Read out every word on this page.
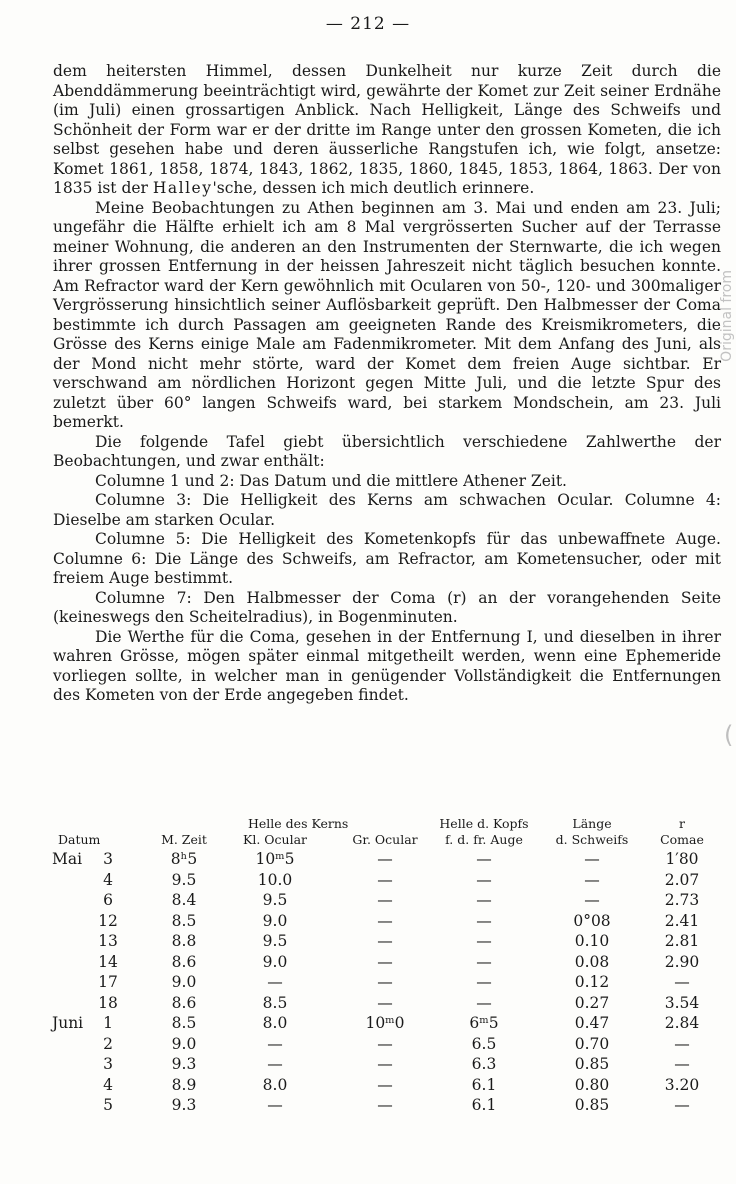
— 212 —

dem heitersten Himmel, dessen Dunkelheit nur kurze Zeit durch die Abenddämmerung beeinträchtigt wird, gewährte der Komet zur Zeit seiner Erdnähe (im Juli) einen grossartigen Anblick. Nach Helligkeit, Länge des Schweifs und Schönheit der Form war er der dritte im Range unter den grossen Kometen, die ich selbst gesehen habe und deren äusserliche Rangstufen ich, wie folgt, ansetze: Komet 1861, 1858, 1874, 1843, 1862, 1835, 1860, 1845, 1853, 1864, 1863. Der von 1835 ist der Halley'sche, dessen ich mich deutlich erinnere.

Meine Beobachtungen zu Athen beginnen am 3. Mai und enden am 23. Juli; ungefähr die Hälfte erhielt ich am 8 Mal vergrösserten Sucher auf der Terrasse meiner Wohnung, die anderen an den Instrumenten der Sternwarte, die ich wegen ihrer grossen Entfernung in der heissen Jahreszeit nicht täglich besuchen konnte. Am Refractor ward der Kern gewöhnlich mit Ocularen von 50-, 120- und 300maliger Vergrösserung hinsichtlich seiner Auflösbarkeit geprüft. Den Halbmesser der Coma bestimmte ich durch Passagen am geeigneten Rande des Kreismikrometers, die Grösse des Kerns einige Male am Fadenmikrometer. Mit dem Anfang des Juni, als der Mond nicht mehr störte, ward der Komet dem freien Auge sichtbar. Er verschwand am nördlichen Horizont gegen Mitte Juli, und die letzte Spur des zuletzt über 60° langen Schweifs ward, bei starkem Mondschein, am 23. Juli bemerkt.

Die folgende Tafel giebt übersichtlich verschiedene Zahlwerthe der Beobachtungen, und zwar enthält:

Columne 1 und 2: Das Datum und die mittlere Athener Zeit.

Columne 3: Die Helligkeit des Kerns am schwachen Ocular. Columne 4: Dieselbe am starken Ocular.

Columne 5: Die Helligkeit des Kometenkopfs für das unbewaffnete Auge. Columne 6: Die Länge des Schweifs, am Refractor, am Kometensucher, oder mit freiem Auge bestimmt.

Columne 7: Den Halbmesser der Coma (r) an der vorangehenden Seite (keineswegs den Scheitelradius), in Bogenminuten.

Die Werthe für die Coma, gesehen in der Entfernung I, und dieselben in ihrer wahren Grösse, mögen später einmal mitgetheilt werden, wenn eine Ephemeride vorliegen sollte, in welcher man in genügender Vollständigkeit die Entfernungen des Kometen von der Erde angegeben findet.

Original from
(
Datum	M. Zeit
Helle des Kerns
Kl. Ocular	Gr. Ocular
Helle d. Kopfs
f. d. fr. Auge
Länge
d. Schweifs
r
Comae
Mai	3	8ʰ5	10ᵐ5	—	—	—	1′80
4	9.5	10.0	—	—	—	2.07
6	8.4	9.5	—	—	—	2.73
12	8.5	9.0	—	—	0°08	2.41
13	8.8	9.5	—	—	0.10	2.81
14	8.6	9.0	—	—	0.08	2.90
17	9.0	—	—	—	0.12	—
18	8.6	8.5	—	—	0.27	3.54
Juni	1	8.5	8.0	10ᵐ0	6ᵐ5	0.47	2.84
2	9.0	—	—	6.5	0.70	—
3	9.3	—	—	6.3	0.85	—
4	8.9	8.0	—	6.1	0.80	3.20
5	9.3	—	—	6.1	0.85	—
